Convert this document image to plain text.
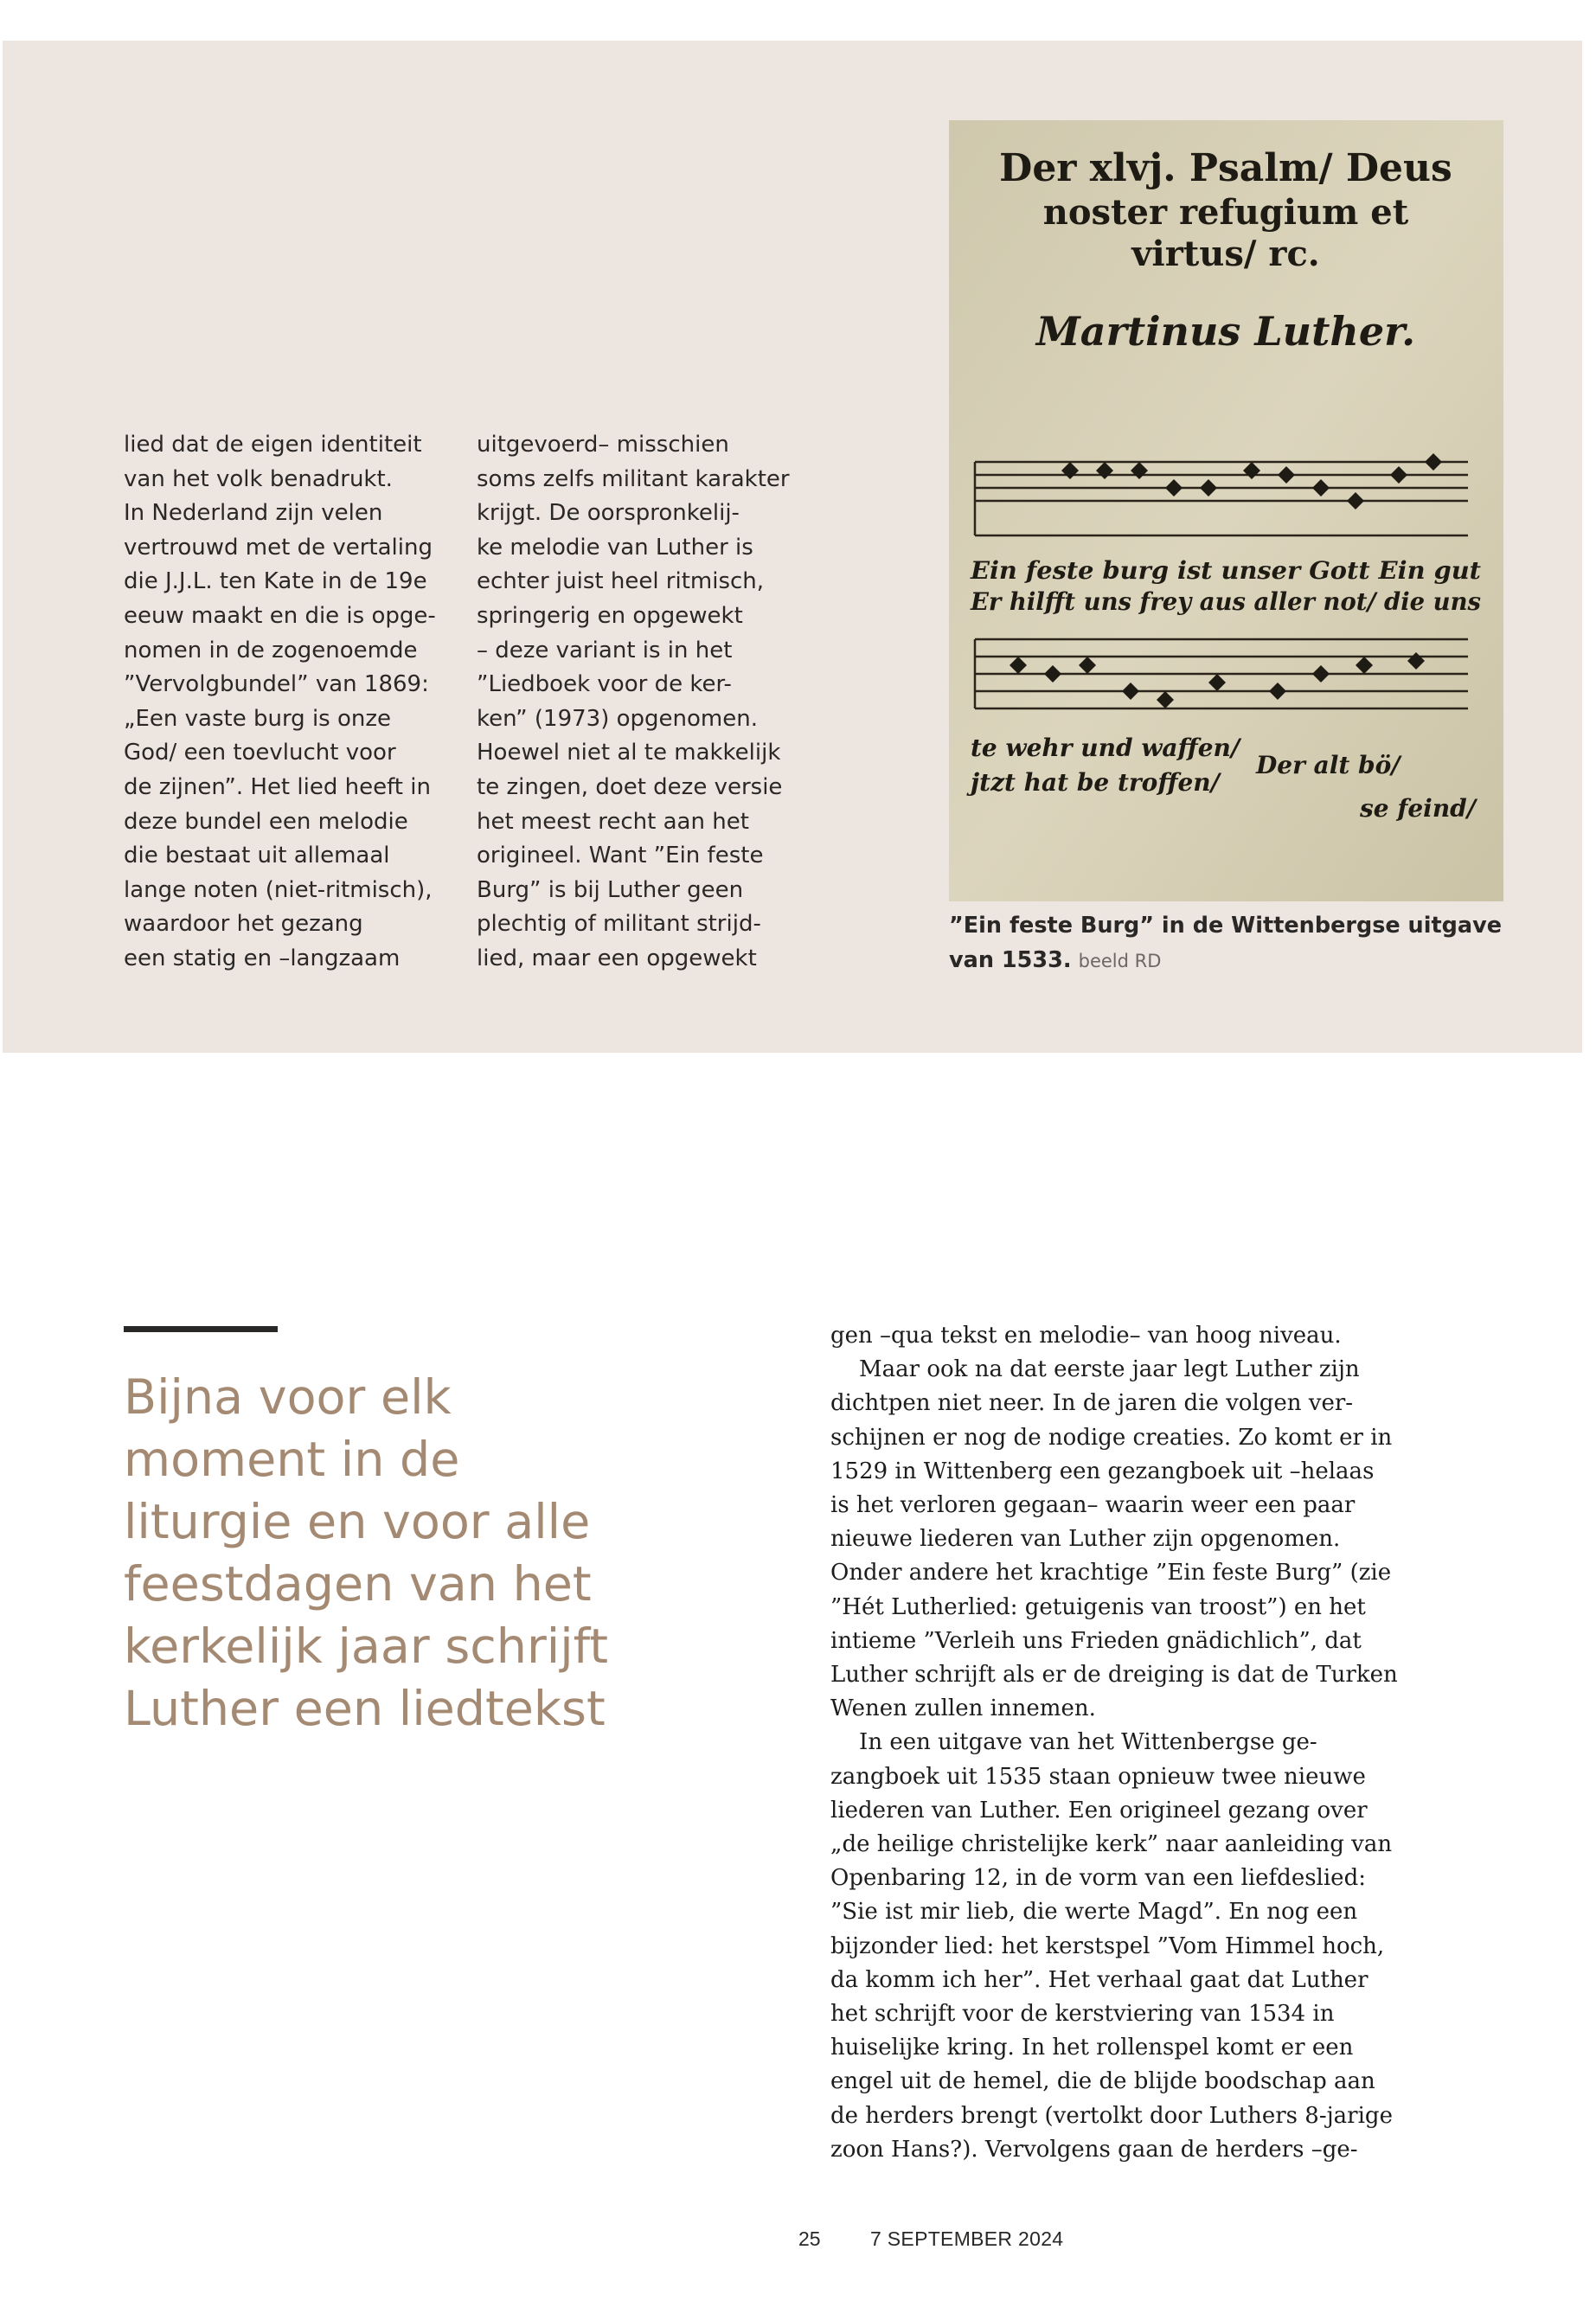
lied dat de eigen identiteit
van het volk benadrukt.
In Nederland zijn velen
vertrouwd met de vertaling
die J.J.L. ten Kate in de 19e
eeuw maakt en die is opge-
nomen in de zogenoemde
”Vervolgbundel” van 1869:
„Een vaste burg is onze
God/ een toevlucht voor
de zijnen”. Het lied heeft in
deze bundel een melodie
die bestaat uit allemaal
lange noten (niet-ritmisch),
waardoor het gezang
een statig en –langzaam
uitgevoerd– misschien
soms zelfs militant karakter
krijgt. De oorspronkelij-
ke melodie van Luther is
echter juist heel ritmisch,
springerig en opgewekt
– deze variant is in het
”Liedboek voor de ker-
ken” (1973) opgenomen.
Hoewel niet al te makkelijk
te zingen, doet deze versie
het meest recht aan het
origineel. Want ”Ein feste
Burg” is bij Luther geen
plechtig of militant strijd-
lied, maar een opgewekt
Der xlvj. Psalm/ Deus
noster refugium et
virtus/ rc.
Martinus Luther.
Ein feste burg ist unser Gott Ein gut
Er hilfft uns frey aus aller not/ die uns
te wehr und waffen/
jtzt hat be troffen/
Der alt bö/
se feind/
”Ein feste Burg” in de Wittenbergse uitgave van 1533. beeld RD
Bijna voor elk
moment in de
liturgie en voor alle
feestdagen van het
kerkelijk jaar schrijft
Luther een liedtekst
gen –qua tekst en melodie– van hoog niveau.
Maar ook na dat eerste jaar legt Luther zijn
dichtpen niet neer. In de jaren die volgen ver-
schijnen er nog de nodige creaties. Zo komt er in
1529 in Wittenberg een gezangboek uit –helaas
is het verloren gegaan– waarin weer een paar
nieuwe liederen van Luther zijn opgenomen.
Onder andere het krachtige ”Ein feste Burg” (zie
”Hét Lutherlied: getuigenis van troost”) en het
intieme ”Verleih uns Frieden gnädichlich”, dat
Luther schrijft als er de dreiging is dat de Turken
Wenen zullen innemen.
In een uitgave van het Wittenbergse ge-
zangboek uit 1535 staan opnieuw twee nieuwe
liederen van Luther. Een origineel gezang over
„de heilige christelijke kerk” naar aanleiding van
Openbaring 12, in de vorm van een liefdeslied:
”Sie ist mir lieb, die werte Magd”. En nog een
bijzonder lied: het kerstspel ”Vom Himmel hoch,
da komm ich her”. Het verhaal gaat dat Luther
het schrijft voor de kerstviering van 1534 in
huiselijke kring. In het rollenspel komt er een
engel uit de hemel, die de blijde boodschap aan
de herders brengt (vertolkt door Luthers 8-jarige
zoon Hans?). Vervolgens gaan de herders –ge-
25 7 SEPTEMBER 2024
